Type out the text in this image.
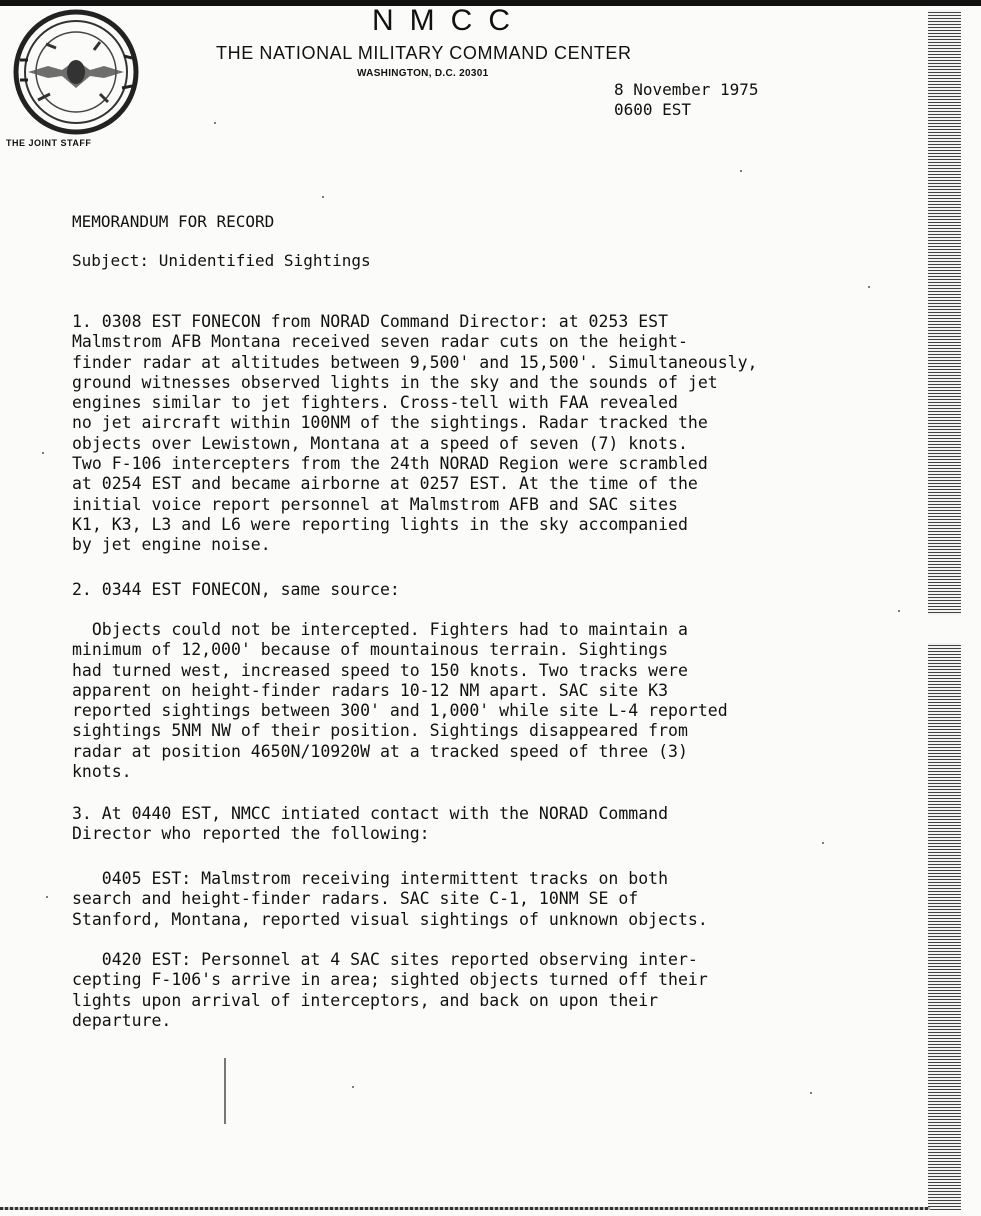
THE JOINT STAFF
NMCC
THE NATIONAL MILITARY COMMAND CENTER
WASHINGTON, D.C. 20301
8 November 1975
0600 EST
MEMORANDUM FOR RECORD
Subject: Unidentified Sightings
1. 0308 EST FONECON from NORAD Command Director: at 0253 EST
Malmstrom AFB Montana received seven radar cuts on the height-
finder radar at altitudes between 9,500' and 15,500'. Simultaneously,
ground witnesses observed lights in the sky and the sounds of jet
engines similar to jet fighters. Cross-tell with FAA revealed
no jet aircraft within 100NM of the sightings. Radar tracked the
objects over Lewistown, Montana at a speed of seven (7) knots.
Two F-106 intercepters from the 24th NORAD Region were scrambled
at 0254 EST and became airborne at 0257 EST. At the time of the
initial voice report personnel at Malmstrom AFB and SAC sites
K1, K3, L3 and L6 were reporting lights in the sky accompanied
by jet engine noise.
2. 0344 EST FONECON, same source:
Objects could not be intercepted. Fighters had to maintain a
minimum of 12,000' because of mountainous terrain. Sightings
had turned west, increased speed to 150 knots. Two tracks were
apparent on height-finder radars 10-12 NM apart. SAC site K3
reported sightings between 300' and 1,000' while site L-4 reported
sightings 5NM NW of their position. Sightings disappeared from
radar at position 4650N/10920W at a tracked speed of three (3)
knots.
3. At 0440 EST, NMCC intiated contact with the NORAD Command
Director who reported the following:
0405 EST: Malmstrom receiving intermittent tracks on both
search and height-finder radars. SAC site C-1, 10NM SE of
Stanford, Montana, reported visual sightings of unknown objects.
0420 EST: Personnel at 4 SAC sites reported observing inter-
cepting F-106's arrive in area; sighted objects turned off their
lights upon arrival of interceptors, and back on upon their
departure.
